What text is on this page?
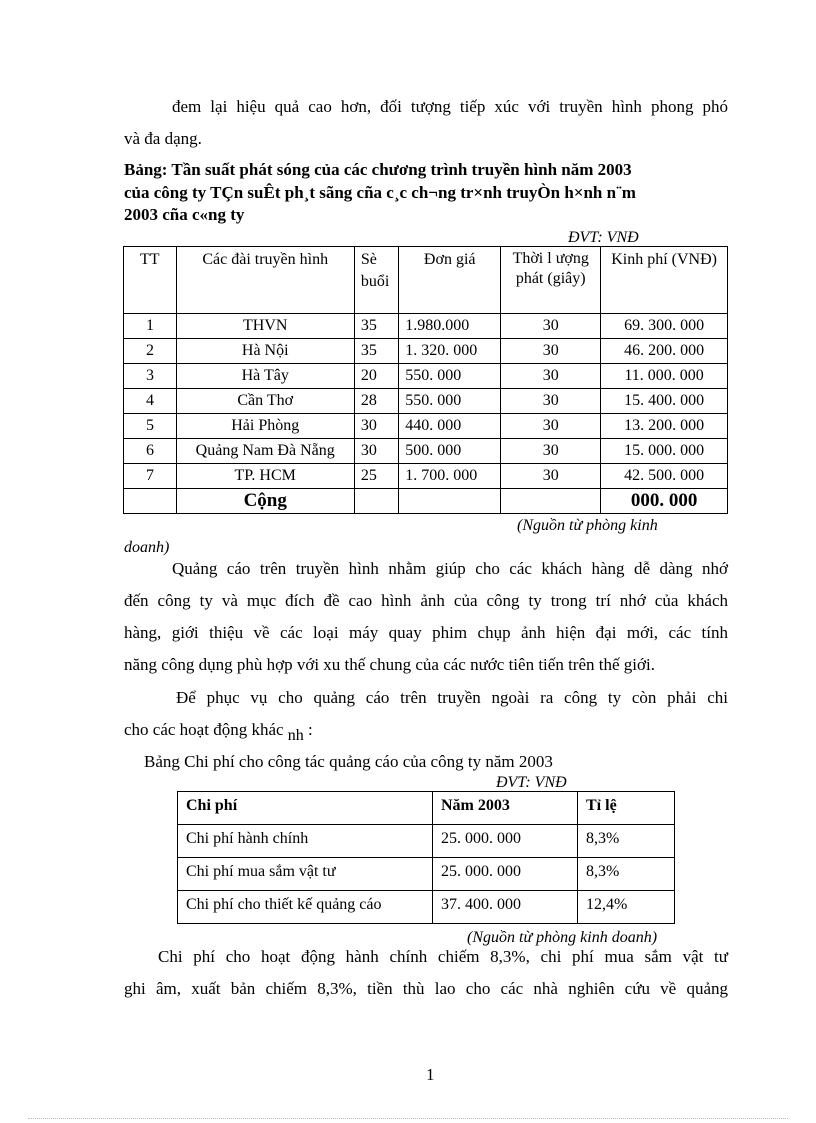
đem lại hiệu quả cao hơn, đối tượng tiếp xúc với truyền hình phong phó

và đa dạng.

Bảng: Tần suất phát sóng của các chương trình truyền hình năm 2003

của công ty TÇn suÊt ph¸t sãng cña c¸c ch¬ng tr×nh truyÒn h×nh n¨m

2003 cña c«ng ty

ĐVT: VNĐ

TT	Các đài truyền hình	Sè buổi	Đơn giá	Thời l ượng phát (giây)	Kinh phí (VNĐ)
1	THVN	35	1.980.000	30	69. 300. 000
2	Hà Nội	35	1. 320. 000	30	46. 200. 000
3	Hà Tây	20	550. 000	30	11. 000. 000
4	Cần Thơ	28	550. 000	30	15. 400. 000
5	Hải Phòng	30	440. 000	30	13. 200. 000
6	Quảng Nam Đà Nẵng	30	500. 000	30	15. 000. 000
7	TP. HCM	25	1. 700. 000	30	42. 500. 000
	Cộng				000. 000

(Nguồn từ phòng kinh

doanh)

Quảng cáo trên truyền hình nhằm giúp cho các khách hàng dễ dàng nhớ

đến công ty và mục đích đề cao hình ảnh của công ty trong trí nhớ của khách

hàng, giới thiệu về các loại máy quay phim chụp ảnh hiện đại mới, các tính

năng công dụng phù hợp với xu thế chung của các nước tiên tiến trên thế giới.

Để phục vụ cho quảng cáo trên truyền ngoài ra công ty còn phải chi

cho các hoạt động khác nh :

Bảng Chi phí cho công tác quảng cáo của công ty năm 2003

ĐVT: VNĐ

Chi phí	Năm 2003	Tỉ lệ
Chi phí hành chính	25. 000. 000	8,3%
Chi phí mua sắm vật tư	25. 000. 000	8,3%
Chi phí cho thiết kế quảng cáo	37. 400. 000	12,4%

(Nguồn từ phòng kinh doanh)

Chi phí cho hoạt động hành chính chiếm 8,3%, chi phí mua sắm vật tư

ghi âm, xuất bản chiếm 8,3%, tiền thù lao cho các nhà nghiên cứu về quảng

1
